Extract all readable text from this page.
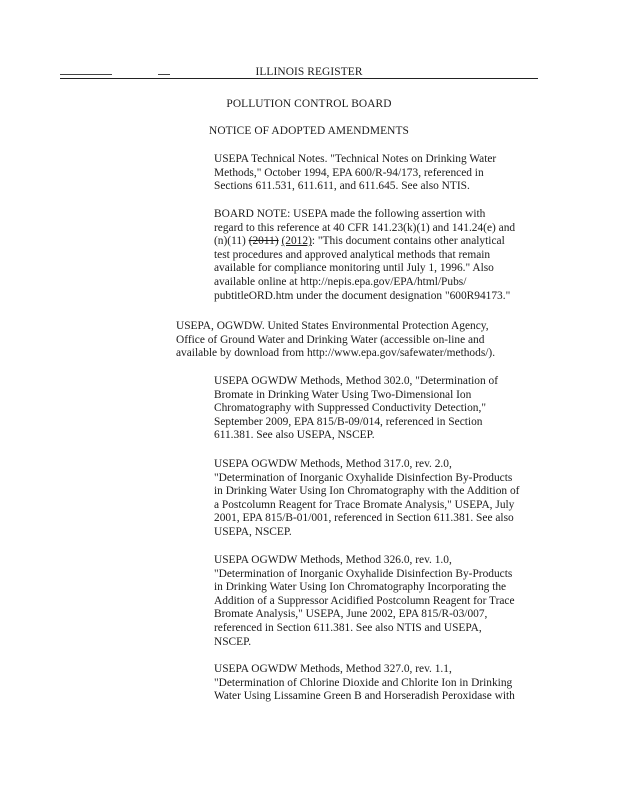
ILLINOIS REGISTER
POLLUTION CONTROL BOARD
NOTICE OF ADOPTED AMENDMENTS

USEPA Technical Notes. "Technical Notes on Drinking Water

Methods," October 1994, EPA 600/R-94/173, referenced in

Sections 611.531, 611.611, and 611.645. See also NTIS.

BOARD NOTE: USEPA made the following assertion with

regard to this reference at 40 CFR 141.23(k)(1) and 141.24(e) and

(n)(11) (2011) (2012): "This document contains other analytical

test procedures and approved analytical methods that remain

available for compliance monitoring until July 1, 1996." Also

available online at http://nepis.epa.gov/EPA/html/Pubs/

pubtitleORD.htm under the document designation "600R94173."

USEPA, OGWDW. United States Environmental Protection Agency,

Office of Ground Water and Drinking Water (accessible on-line and

available by download from http://www.epa.gov/safewater/methods/).

USEPA OGWDW Methods, Method 302.0, "Determination of

Bromate in Drinking Water Using Two-Dimensional Ion

Chromatography with Suppressed Conductivity Detection,"

September 2009, EPA 815/B-09/014, referenced in Section

611.381. See also USEPA, NSCEP.

USEPA OGWDW Methods, Method 317.0, rev. 2.0,

"Determination of Inorganic Oxyhalide Disinfection By-Products

in Drinking Water Using Ion Chromatography with the Addition of

a Postcolumn Reagent for Trace Bromate Analysis," USEPA, July

2001, EPA 815/B-01/001, referenced in Section 611.381. See also

USEPA, NSCEP.

USEPA OGWDW Methods, Method 326.0, rev. 1.0,

"Determination of Inorganic Oxyhalide Disinfection By-Products

in Drinking Water Using Ion Chromatography Incorporating the

Addition of a Suppressor Acidified Postcolumn Reagent for Trace

Bromate Analysis," USEPA, June 2002, EPA 815/R-03/007,

referenced in Section 611.381. See also NTIS and USEPA,

NSCEP.

USEPA OGWDW Methods, Method 327.0, rev. 1.1,

"Determination of Chlorine Dioxide and Chlorite Ion in Drinking

Water Using Lissamine Green B and Horseradish Peroxidase with
